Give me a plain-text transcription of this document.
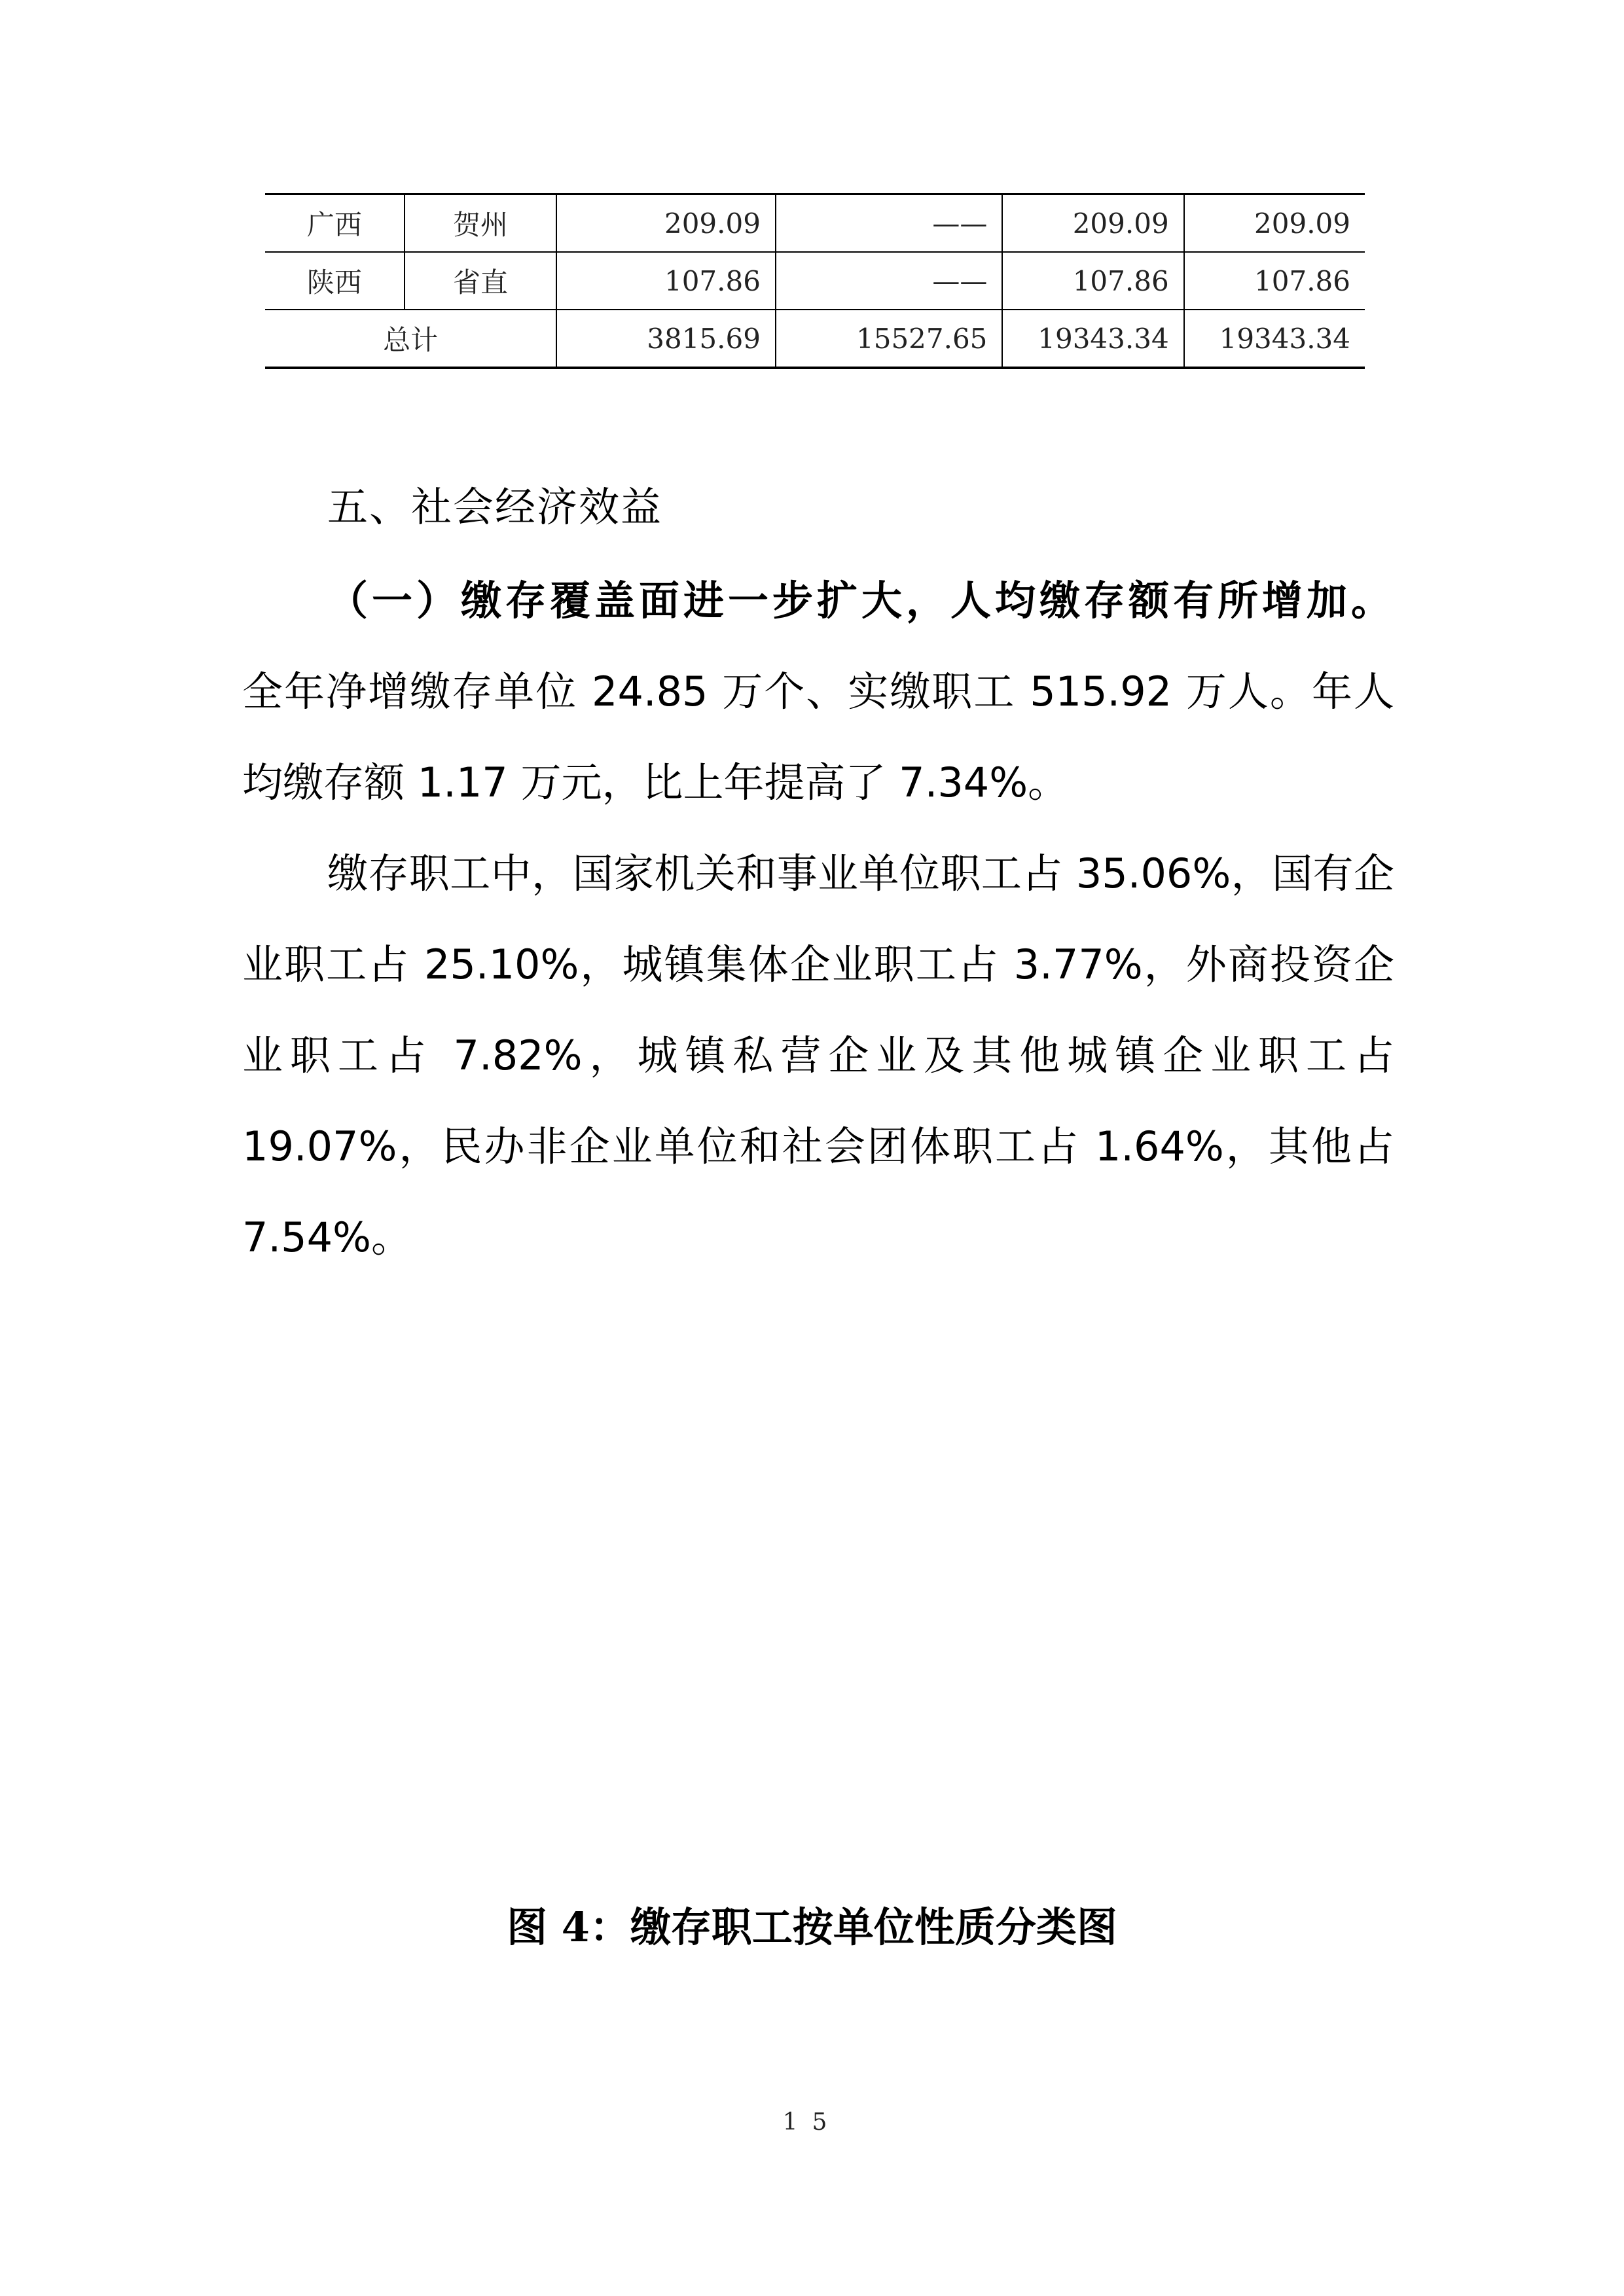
广西	贺州	209.09	——	209.09	209.09
陕西	省直	107.86	——	107.86	107.86
总计		3815.69	15527.65	19343.34	19343.34
五、社会经济效益

（一）缴存覆盖面进一步扩大，人均缴存额有所增加。全年净增缴存单位 24.85 万个、实缴职工 515.92 万人。年人均缴存额 1.17 万元，比上年提高了 7.34%。

缴存职工中，国家机关和事业单位职工占 35.06%，国有企业职工占 25.10%，城镇集体企业职工占 3.77%，外商投资企业职工占 7.82%，城镇私营企业及其他城镇企业职工占 19.07%，民办非企业单位和社会团体职工占 1.64%，其他占 7.54%。

图 4：缴存职工按单位性质分类图
15
